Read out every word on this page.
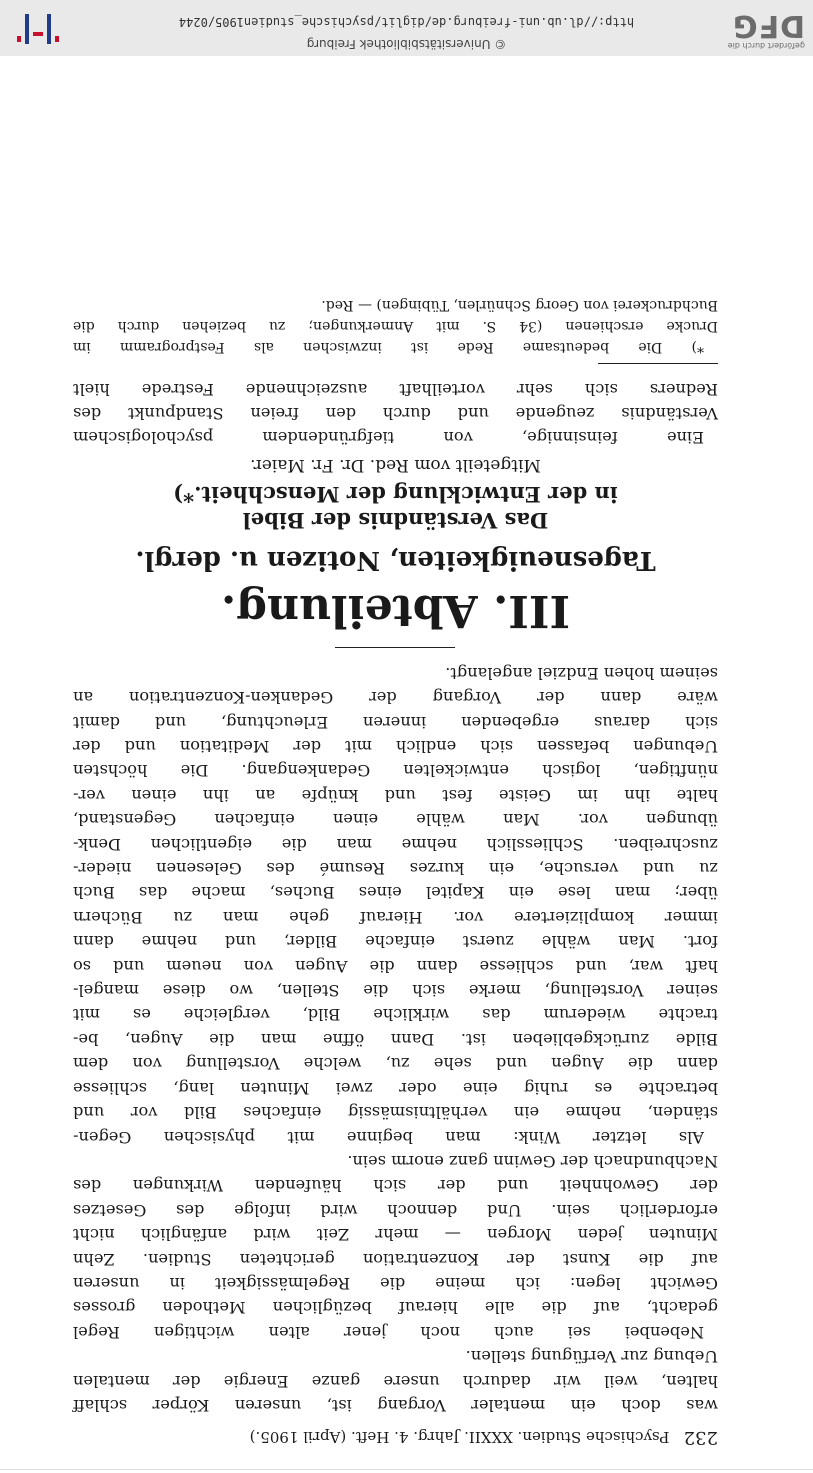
© Universitätsbibliothek Freiburg
http://dl.ub.uni-freiburg.de/diglit/psychische_studien1905/0244
gefördert durch die
DFG
232   Psychische Studien. XXXII. Jahrg. 4. Heft. (April 1905.)
was doch ein mentaler Vorgang ist, unseren Körper schlaff
halten, weil wir dadurch unsere ganze Energie der mentalen
Uebung zur Verfügung stellen.
Nebenbei sei auch noch jener alten wichtigen Regel
gedacht, auf die alle hierauf bezüglichen Methoden grosses
Gewicht legen: ich meine die Regelmässigkeit in unseren
auf die Kunst der Konzentration gerichteten Studien. Zehn
Minuten jeden Morgen — mehr Zeit wird anfänglich nicht
erforderlich sein. Und dennoch wird infolge des Gesetzes
der Gewohnheit und der sich häufenden Wirkungen des
Nachbundnach der Gewinn ganz enorm sein.
Als letzter Wink: man beginne mit physischen Gegen-
ständen, nehme ein verhältnismässig einfaches Bild vor und
betrachte es ruhig eine oder zwei Minuten lang, schliesse
dann die Augen und sehe zu, welche Vorstellung von dem
Bilde zurückgeblieben ist. Dann öffne man die Augen, be-
trachte wiederum das wirkliche Bild, vergleiche es mit
seiner Vorstellung, merke sich die Stellen, wo diese mangel-
haft war, und schliesse dann die Augen von neuem und so
fort. Man wähle zuerst einfache Bilder, und nehme dann
immer kompliziertere vor. Hierauf gehe man zu Büchern
über; man lese ein Kapitel eines Buches, mache das Buch
zu und versuche, ein kurzes Resumé des Gelesenen nieder-
zuschreiben. Schliesslich nehme man die eigentlichen Denk-
übungen vor. Man wähle einen einfachen Gegenstand,
halte ihn im Geiste fest und knüpfe an ihn einen ver-
nünftigen, logisch entwickelten Gedankengang. Die höchsten
Uebungen befassen sich endlich mit der Meditation und der
sich daraus ergebenden inneren Erleuchtung, und damit
wäre dann der Vorgang der Gedanken-Konzentration an
seinem hohen Endziel angelangt.
III. Abteilung.
Tagesneuigkeiten, Notizen u. dergl.
Das Verständnis der Bibel
in der Entwicklung der Menschheit.*)
Mitgeteilt vom Red. Dr. Fr. Maier.
Eine feinsinnige, von tiefgründendem psychologischem
Verständnis zeugende und durch den freien Standpunkt des
Redners sich sehr vorteilhaft auszeichnende Festrede hielt
*) Die bedeutsame Rede ist inzwischen als Festprogramm im
Drucke erschienen (34 S. mit Anmerkungen; zu beziehen durch die
Buchdruckerei von Georg Schnürlen, Tübingen) — Red.
